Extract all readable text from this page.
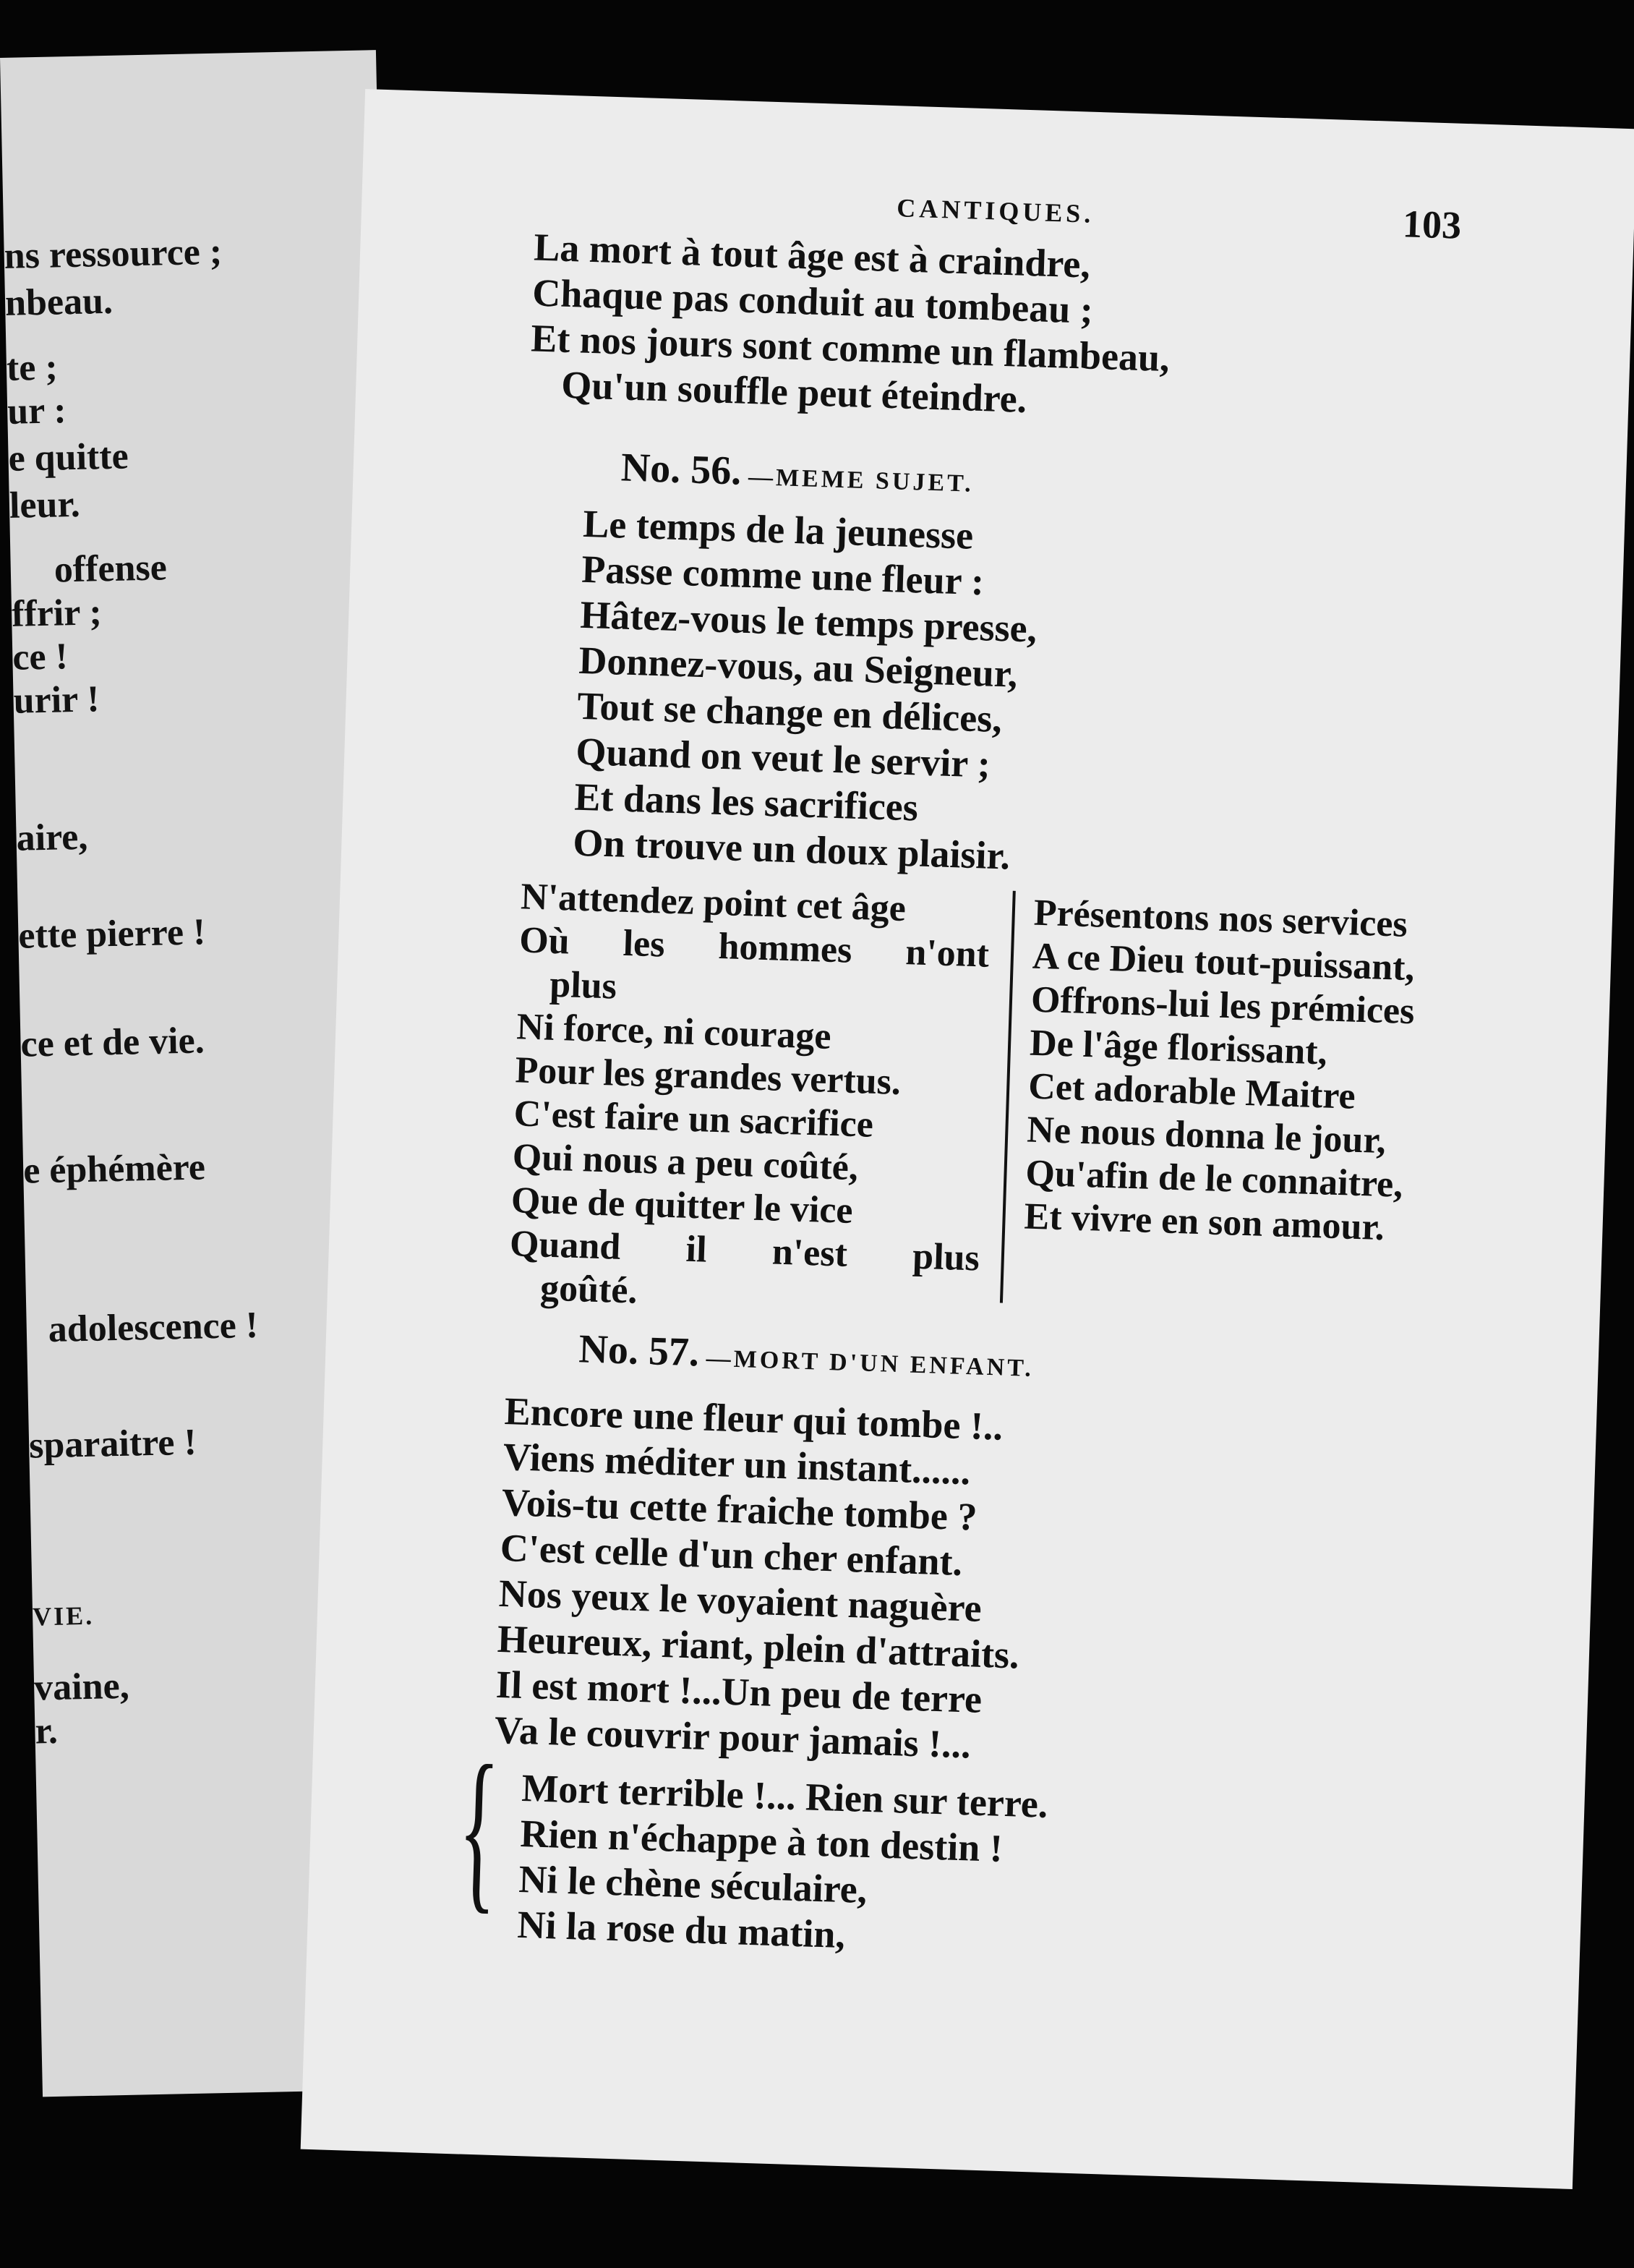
ns ressource ;
nbeau.
te ;
ur :
e quitte
leur.
offense
ffrir ;
ce !
urir !
aire,
ette pierre !
ce et de vie.
e éphémère
adolescence !
sparaitre !
VIE.
vaine,
r.
CANTIQUES.	103
La mort à tout âge est à craindre,
Chaque pas conduit au tombeau ;
Et nos jours sont comme un flambeau,
Qu'un souffle peut éteindre.
No. 56. —MEME SUJET.
Le temps de la jeunesse
Passe comme une fleur :
Hâtez-vous le temps presse,
Donnez-vous, au Seigneur,
Tout se change en délices,
Quand on veut le servir ;
Et dans les sacrifices
On trouve un doux plaisir.
N'attendez point cet âge
Où les hommes n'ont
plus
Ni force, ni courage
Pour les grandes vertus.
C'est faire un sacrifice
Qui nous a peu coûté,
Que de quitter le vice
Quand il n'est plus
goûté.
Présentons nos services
A ce Dieu tout-puissant,
Offrons-lui les prémices
De l'âge florissant,
Cet adorable Maitre
Ne nous donna le jour,
Qu'afin de le connaitre,
Et vivre en son amour.
No. 57. —MORT D'UN ENFANT.
Encore une fleur qui tombe !..
Viens méditer un instant......
Vois-tu cette fraiche tombe ?
C'est celle d'un cher enfant.
Nos yeux le voyaient naguère
Heureux, riant, plein d'attraits.
Il est mort !...Un peu de terre
Va le couvrir pour jamais !...
{ Mort terrible !... Rien sur terre.
Rien n'échappe à ton destin !
Ni le chène séculaire,
Ni la rose du matin,
